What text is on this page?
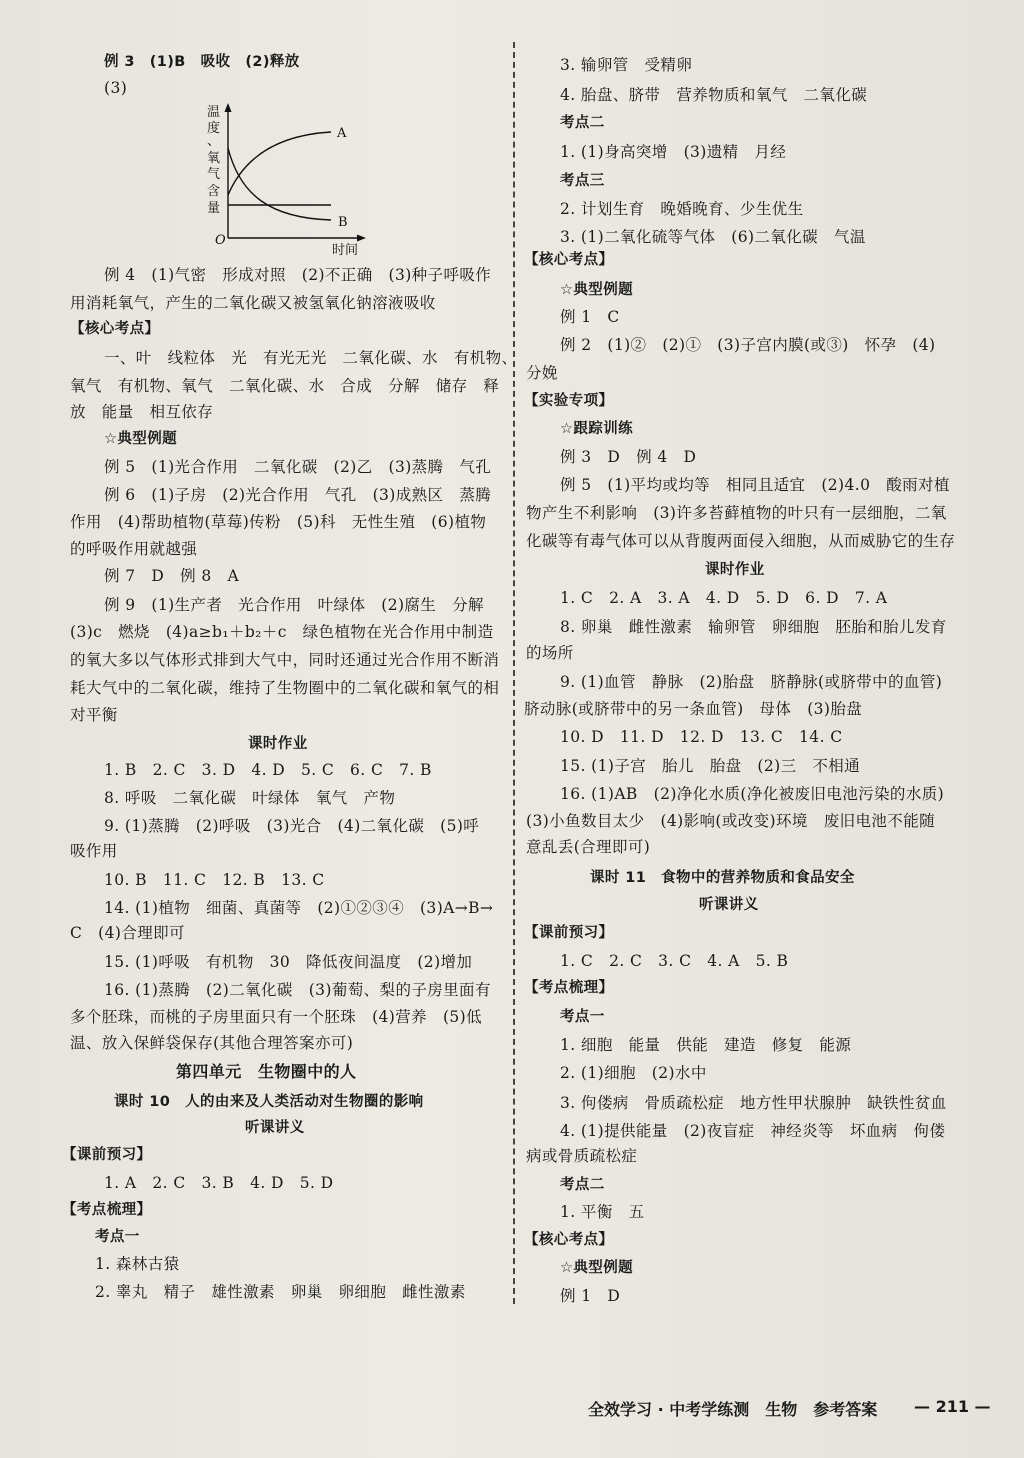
例 3　(1)B　吸收　(2)释放
(3)
例 4　(1)气密　形成对照　(2)不正确　(3)种子呼吸作
用消耗氧气，产生的二氧化碳又被氢氧化钠溶液吸收
【核心考点】
一、叶　线粒体　光　有光无光　二氧化碳、水　有机物、
氧气　有机物、氧气　二氧化碳、水　合成　分解　储存　释
放　能量　相互依存
☆典型例题
例 5　(1)光合作用　二氧化碳　(2)乙　(3)蒸腾　气孔
例 6　(1)子房　(2)光合作用　气孔　(3)成熟区　蒸腾
作用　(4)帮助植物(草莓)传粉　(5)科　无性生殖　(6)植物
的呼吸作用就越强
例 7　D　例 8　A
例 9　(1)生产者　光合作用　叶绿体　(2)腐生　分解
(3)c　燃烧　(4)a≥b₁＋b₂＋c　绿色植物在光合作用中制造
的氧大多以气体形式排到大气中，同时还通过光合作用不断消
耗大气中的二氧化碳，维持了生物圈中的二氧化碳和氧气的相
对平衡
课时作业
1. B　2. C　3. D　4. D　5. C　6. C　7. B
8. 呼吸　二氧化碳　叶绿体　氧气　产物
9. (1)蒸腾　(2)呼吸　(3)光合　(4)二氧化碳　(5)呼
吸作用
10. B　11. C　12. B　13. C
14. (1)植物　细菌、真菌等　(2)①②③④　(3)A→B→
C　(4)合理即可
15. (1)呼吸　有机物　30　降低夜间温度　(2)增加
16. (1)蒸腾　(2)二氧化碳　(3)葡萄、梨的子房里面有
多个胚珠，而桃的子房里面只有一个胚珠　(4)营养　(5)低
温、放入保鲜袋保存(其他合理答案亦可)
第四单元　生物圈中的人
课时 10　人的由来及人类活动对生物圈的影响
听课讲义
【课前预习】
1. A　2. C　3. B　4. D　5. D
【考点梳理】
考点一
1. 森林古猿
2. 睾丸　精子　雄性激素　卵巢　卵细胞　雌性激素
3. 输卵管　受精卵
4. 胎盘、脐带　营养物质和氧气　二氧化碳
考点二
1. (1)身高突增　(3)遗精　月经
考点三
2. 计划生育　晚婚晚育、少生优生
3. (1)二氧化硫等气体　(6)二氧化碳　气温
【核心考点】
☆典型例题
例 1　C
例 2　(1)②　(2)①　(3)子宫内膜(或③)　怀孕　(4)
分娩
【实验专项】
☆跟踪训练
例 3　D　例 4　D
例 5　(1)平均或均等　相同且适宜　(2)4.0　酸雨对植
物产生不利影响　(3)许多苔藓植物的叶只有一层细胞，二氧
化碳等有毒气体可以从背腹两面侵入细胞，从而威胁它的生存
课时作业
1. C　2. A　3. A　4. D　5. D　6. D　7. A
8. 卵巢　雌性激素　输卵管　卵细胞　胚胎和胎儿发育
的场所
9. (1)血管　静脉　(2)胎盘　脐静脉(或脐带中的血管)
脐动脉(或脐带中的另一条血管)　母体　(3)胎盘
10. D　11. D　12. D　13. C　14. C
15. (1)子宫　胎儿　胎盘　(2)三　不相通
16. (1)AB　(2)净化水质(净化被废旧电池污染的水质)
(3)小鱼数目太少　(4)影响(或改变)环境　废旧电池不能随
意乱丢(合理即可)
课时 11　食物中的营养物质和食品安全
听课讲义
【课前预习】
1. C　2. C　3. C　4. A　5. B
【考点梳理】
考点一
1. 细胞　能量　供能　建造　修复　能源
2. (1)细胞　(2)水中
3. 佝偻病　骨质疏松症　地方性甲状腺肿　缺铁性贫血
4. (1)提供能量　(2)夜盲症　神经炎等　坏血病　佝偻
病或骨质疏松症
考点二
1. 平衡　五
【核心考点】
☆典型例题
例 1　D
温
度
、
氧
气
含
量
O
时间
A
B
全效学习 · 中考学练测　生物　参考答案 — 211 —
